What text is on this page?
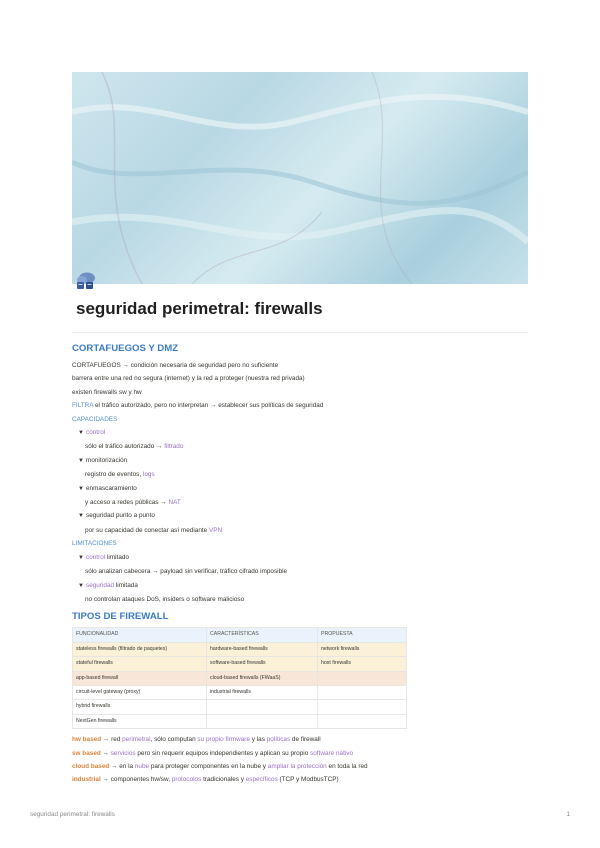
seguridad perimetral: firewalls
CORTAFUEGOS Y DMZ
CORTAFUEGOS → condición necesaria de seguridad pero no suficiente
barrera entre una red no segura (internet) y la red a proteger (nuestra red privada)
existen firewalls sw y hw
FILTRA el tráfico autorizado, pero no interpretan → establecer sus políticas de seguridad
CAPACIDADES
▼ control
sólo el tráfico autorizado → filtrado
▼ monitorización
registro de eventos, logs
▼ enmascaramiento
y acceso a redes públicas → NAT
▼ seguridad punto a punto
por su capacidad de conectar así mediante VPN
LIMITACIONES
▼ control limitado
sólo analizan cabecera → payload sin verificar, tráfico cifrado imposible
▼ seguridad limitada
no controlan ataques DoS, insiders o software malicioso
TIPOS DE FIREWALL
FUNCIONALIDAD	CARACTERÍSTICAS	PROPUESTA
stateless firewalls (filtrado de paquetes)	hardware-based firewalls	network firewalls
stateful firewalls	software-based firewalls	host firewalls
app-based firewall	cloud-based firewalls (FWaaS)	
circuit-level gateway (proxy)	industrial firewalls	
hybrid firewalls		
NextGen firewalls		
hw based → red perimetral, sólo computan su propio firmware y las políticas de firewall
sw based → servicios pero sin requerir equipos independientes y aplican su propio software nativo
cloud based → en la nube para proteger componentes en la nube y ampliar la protección en toda la red
industrial → componentes hw/sw, protocolos tradicionales y específicos (TCP y ModbusTCP)
seguridad perimetral: firewalls	1
